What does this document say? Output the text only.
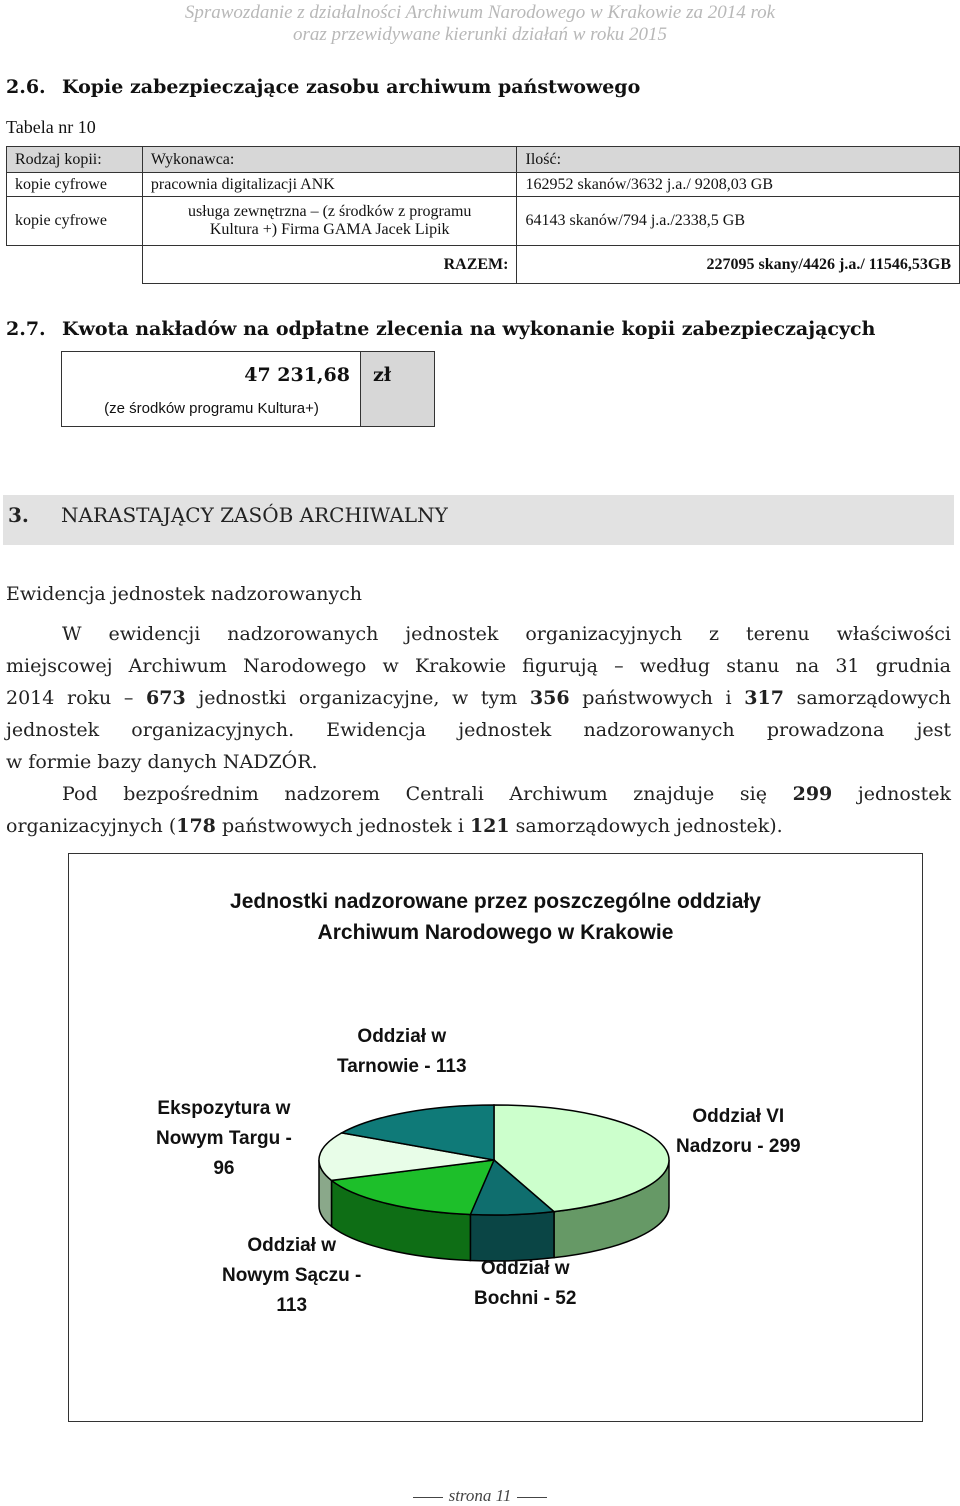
Sprawozdanie z działalności Archiwum Narodowego w Krakowie za 2014 rok
oraz przewidywane kierunki działań w roku 2015
2.6. Kopie zabezpieczające zasobu archiwum państwowego
Tabela nr 10
Rodzaj kopii:	Wykonawca:	Ilość:
kopie cyfrowe	pracownia digitalizacji ANK	162952 skanów/3632 j.a./ 9208,03 GB
kopie cyfrowe	usługa zewnętrzna – (z środków z programu
Kultura +) Firma GAMA Jacek Lipik	64143 skanów/794 j.a./2338,5 GB
	RAZEM:	227095 skany/4426 j.a./ 11546,53GB
2.7. Kwota nakładów na odpłatne zlecenia na wykonanie kopii zabezpieczających
47 231,68
(ze środków programu Kultura+)
zł
3. NARASTAJĄCY ZASÓB ARCHIWALNY
Ewidencja jednostek nadzorowanych
W ewidencji nadzorowanych jednostek organizacyjnych z terenu właściwości
miejscowej Archiwum Narodowego w Krakowie figurują – według stanu na 31 grudnia
2014 roku – 673 jednostki organizacyjne, w tym 356 państwowych i 317 samorządowych
jednostek organizacyjnych. Ewidencja jednostek nadzorowanych prowadzona jest
w formie bazy danych NADZÓR.
Pod bezpośrednim nadzorem Centrali Archiwum znajduje się 299 jednostek
organizacyjnych (178 państwowych jednostek i 121 samorządowych jednostek).
Jednostki nadzorowane przez poszczególne oddziały
Archiwum Narodowego w Krakowie
Oddział VI
Nadzoru - 299
Oddział w
Bochni - 52
Oddział w
Nowym Sączu -
113
Ekspozytura w
Nowym Targu -
96
Oddział w
Tarnowie - 113
strona 11
